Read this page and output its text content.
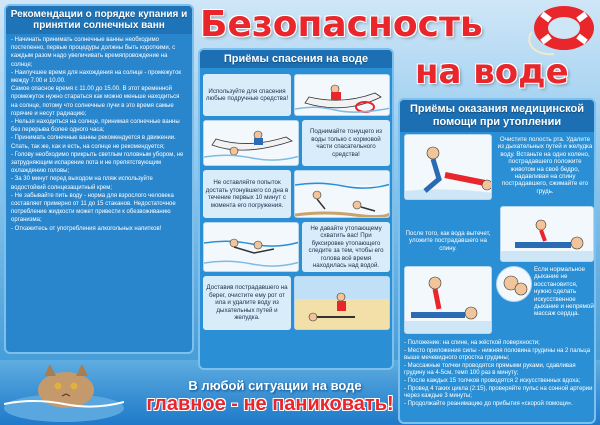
Рекомендации о порядке купания и принятии солнечных ванн
- Начинать принимать солнечные ванны необходимо постепенно, первые процедуры должны быть короткими, с каждым разом надо увеличивать времяпровождение на солнце;
- Наилучшее время для нахождения на солнце - промежуток между 7.00 и 10.00.
Самое опасное время с 11.00 до 15.00. В этот временной промежуток нужно стараться как можно меньше находиться на солнце, потому что солнечные лучи в это время самые горячие и несут радиацию;
- Нельзя находиться на солнце, принимая солнечные ванны без перерыва более одного часа;
- Принимать солнечные ванны рекомендуется в движении. Спать, так же, как и есть, на солнце не рекомендуется;
- Голову необходимо прикрыть светлым головным убором, не затрудняющим испарение пота и не препятствующим охлаждению головы;
- За 30 минут перед выходом на пляж используйте водостойкий солнцезащитный крем;
- Не забывайте пить воду - норма для взрослого человека составляет примерно от 11 до 15 стаканов. Недостаточное потребление жидкости может привести к обезвоживанию организма;
- Откажитесь от употребления алкогольных напитков!
Безопасность
на воде
Приёмы спасения на воде
Используйте для спасения любые подручные средства!
Поднимайте тонущего из воды только с кормовой части спасательного средства!
Не оставляйте попыток достать утонувшего со дна в течение первых 10 минут с момента его погружения.
Не давайте утопающему схватить вас! При буксировке утопающего следите за тем, чтобы его голова всё время находилась над водой.
Доставив пострадавшего на берег, очистите ему рот от ила и удалите воду из дыхательных путей и желудка.
Приёмы оказания медицинской помощи при утоплении
Очистите полость рта. Удалите из дыхательных путей и желудка воду. Встаньте на одно колено, пострадавшего положите животом на своё бедро, надавливая на спину пострадавшего, сжимайте его грудь.
После того, как вода вытечет, уложите пострадавшего на спину.
Если нормальное дыхание не восстановится, нужно сделать искусственное дыхание и непрямой массаж сердца.
- Положение: на спине, на жёсткой поверхности;
- Место приложения силы - нижняя половина грудины на 2 пальца выше мечевидного отростка грудины;
- Массажные толчки проводятся прямыми руками, сдавливая грудину на 4-5см, темп 100 раз в минуту;
- После каждых 15 толчков проводятся 2 искусственных вдоха;
- Провед 4 таких цикла (2:15), проверяйте пульс на сонной артерии через каждые 3 минуты;
- Продолжайте реанимацию до прибытия «скорой помощи».
В любой ситуации на воде
главное - не паниковать!
